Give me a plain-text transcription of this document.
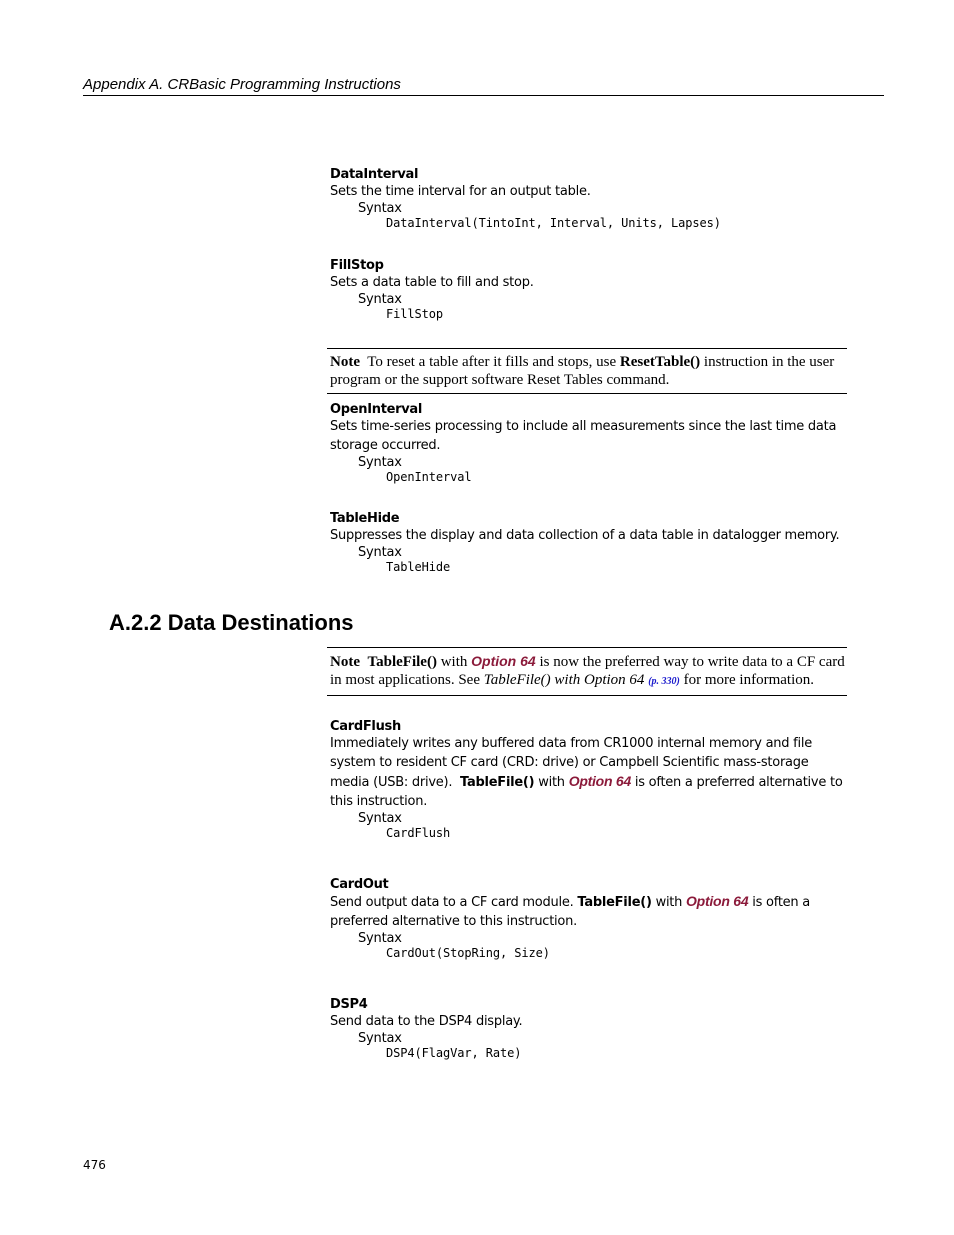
Appendix A. CRBasic Programming Instructions
DataInterval
Sets the time interval for an output table.
Syntax
DataInterval(TintoInt, Interval, Units, Lapses)
FillStop
Sets a data table to fill and stop.
Syntax
FillStop
Note To reset a table after it fills and stops, use ResetTable() instruction in the user program or the support software Reset Tables command.
OpenInterval
Sets time-series processing to include all measurements since the last time data
storage occurred.
Syntax
OpenInterval
TableHide
Suppresses the display and data collection of a data table in datalogger memory.
Syntax
TableHide
A.2.2 Data Destinations
Note TableFile() with Option 64 is now the preferred way to write data to a CF card in most applications. See TableFile() with Option 64 (p. 330) for more information.
CardFlush
Immediately writes any buffered data from CR1000 internal memory and file
system to resident CF card (CRD: drive) or Campbell Scientific mass-storage
media (USB: drive). TableFile() with Option 64 is often a preferred alternative to
this instruction.
Syntax
CardFlush
CardOut
Send output data to a CF card module. TableFile() with Option 64 is often a
preferred alternative to this instruction.
Syntax
CardOut(StopRing, Size)
DSP4
Send data to the DSP4 display.
Syntax
DSP4(FlagVar, Rate)
476
